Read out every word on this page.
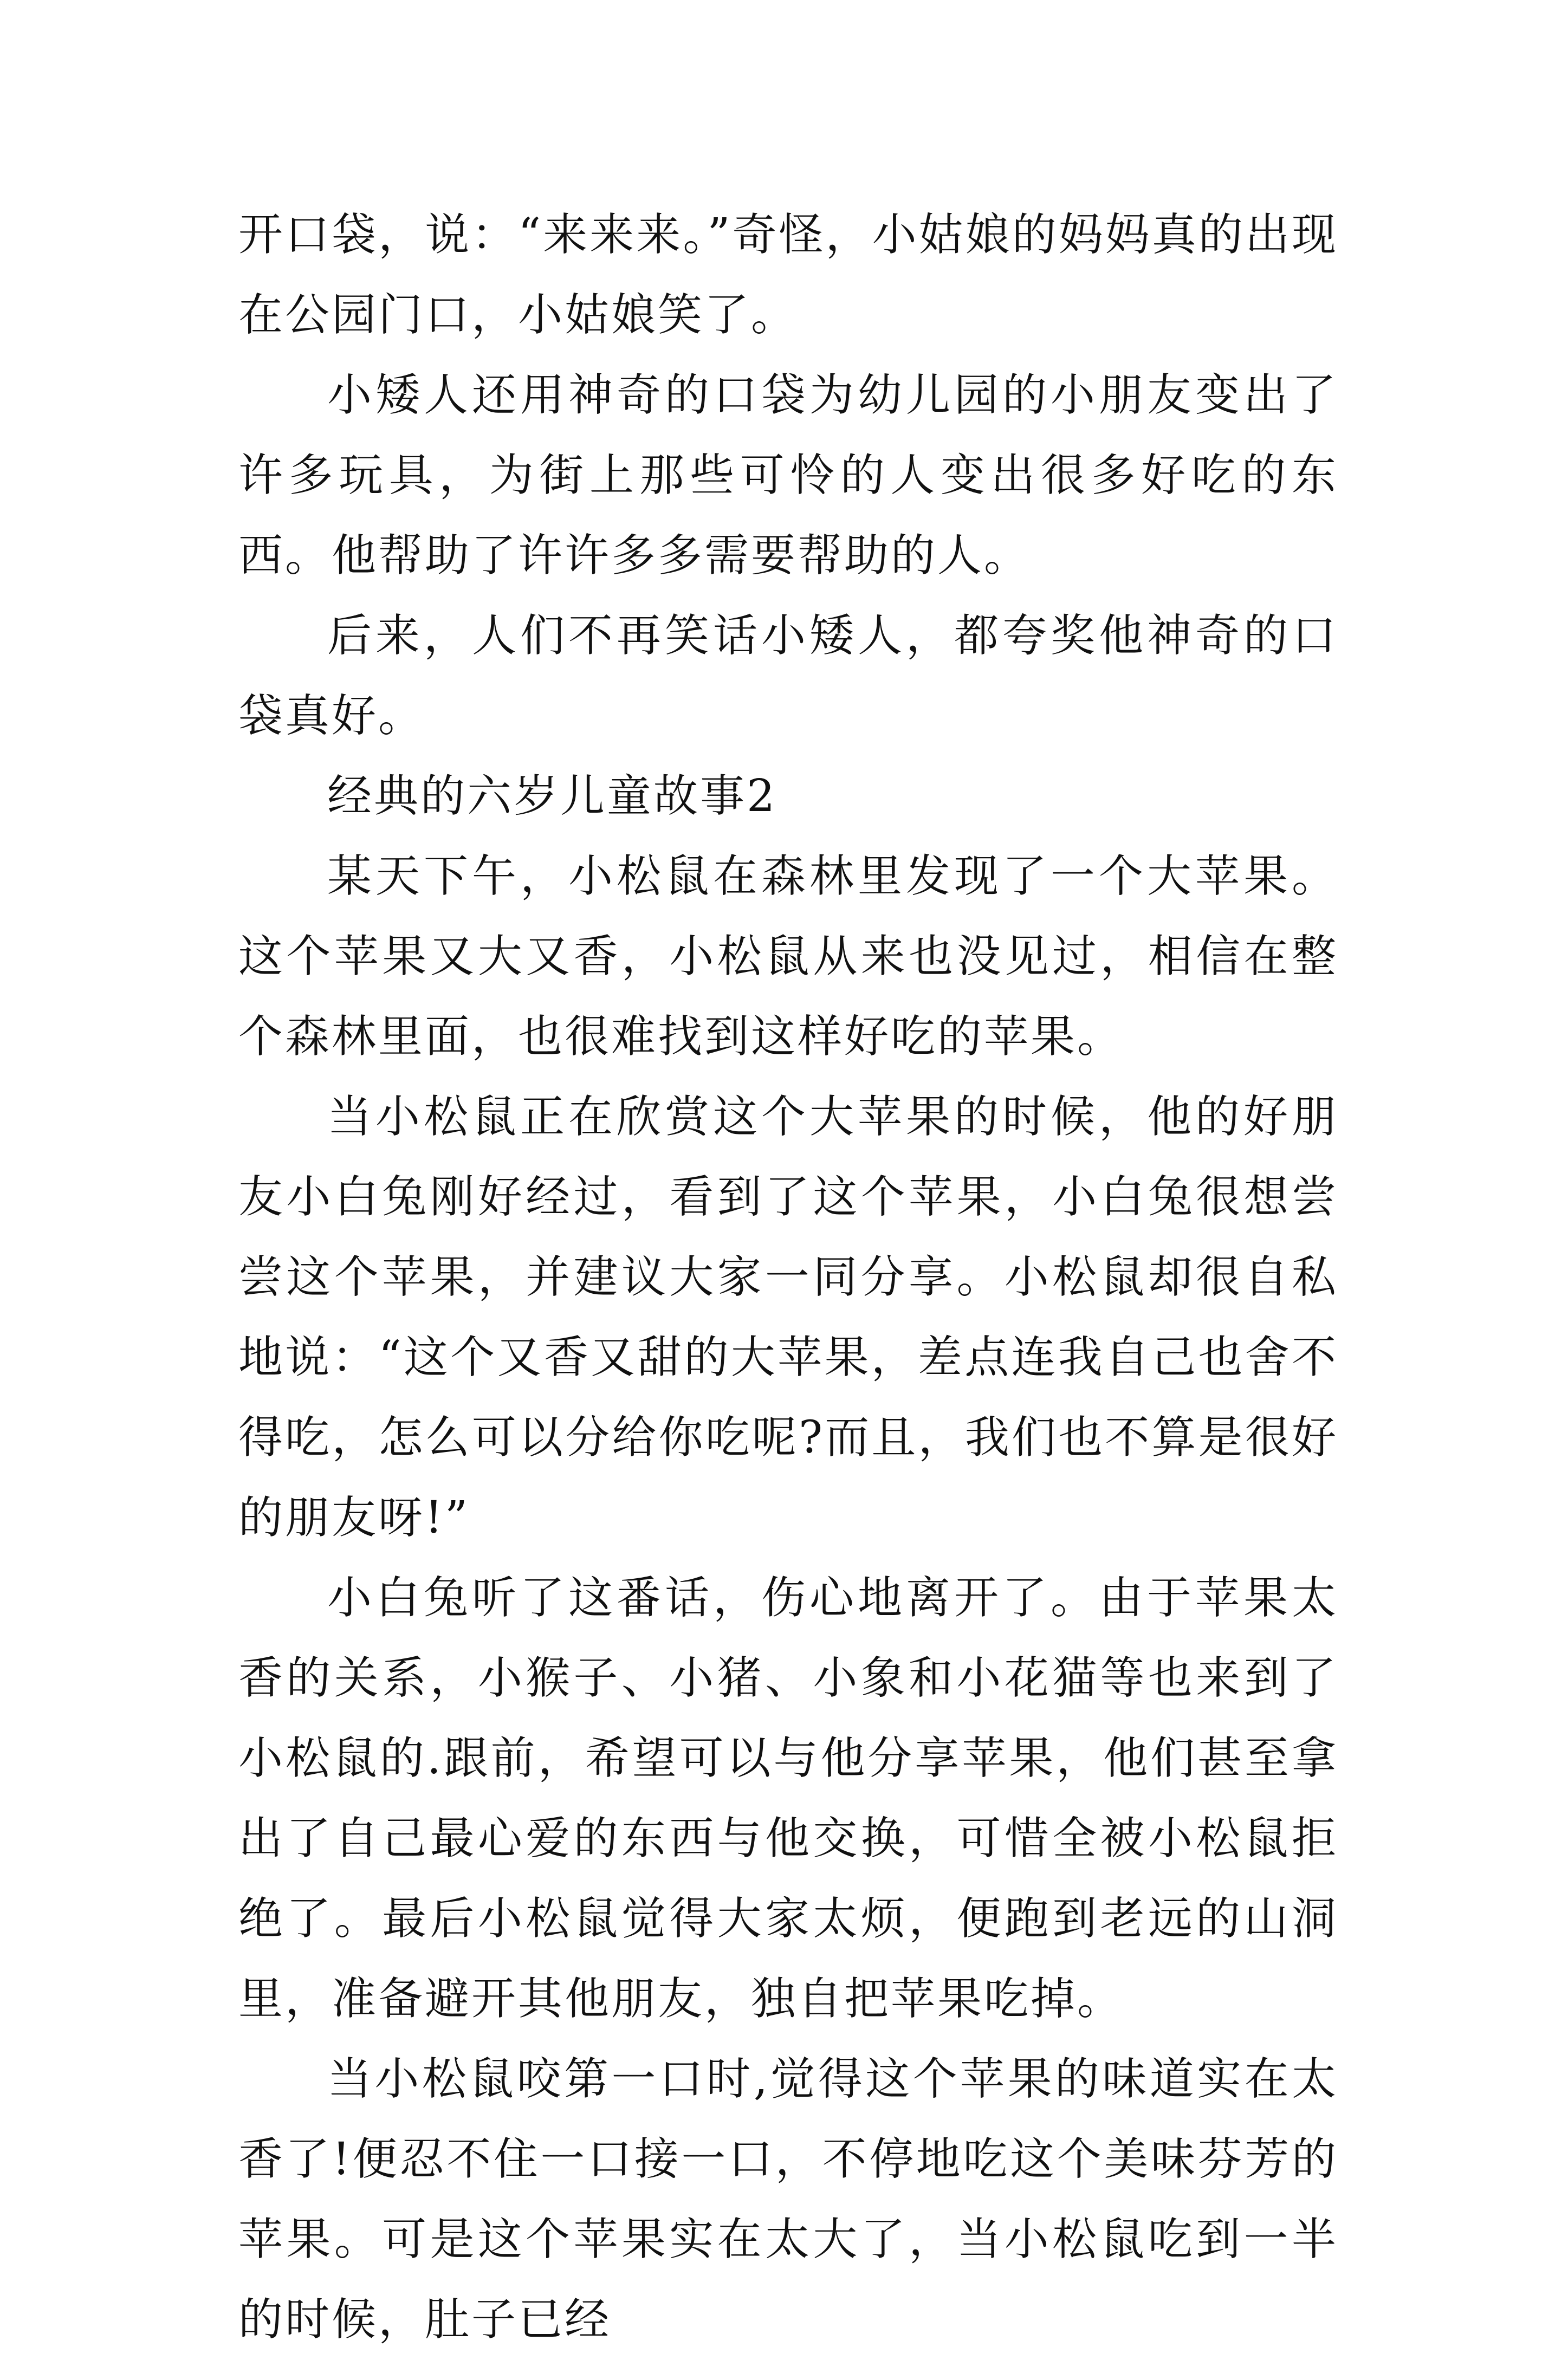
开口袋，说：“来来来。”奇怪，小姑娘的妈妈真的出现在公园门口，小姑娘笑了。

小矮人还用神奇的口袋为幼儿园的小朋友变出了许多玩具，为街上那些可怜的人变出很多好吃的东西。他帮助了许许多多需要帮助的人。

后来，人们不再笑话小矮人，都夸奖他神奇的口袋真好。

经典的六岁儿童故事2

某天下午，小松鼠在森林里发现了一个大苹果。这个苹果又大又香，小松鼠从来也没见过，相信在整个森林里面，也很难找到这样好吃的苹果。

当小松鼠正在欣赏这个大苹果的时候，他的好朋友小白兔刚好经过，看到了这个苹果，小白兔很想尝尝这个苹果，并建议大家一同分享。小松鼠却很自私地说：“这个又香又甜的大苹果，差点连我自己也舍不得吃，怎么可以分给你吃呢?而且，我们也不算是很好的朋友呀!”

小白兔听了这番话，伤心地离开了。由于苹果太香的关系，小猴子、小猪、小象和小花猫等也来到了小松鼠的.跟前，希望可以与他分享苹果，他们甚至拿出了自己最心爱的东西与他交换，可惜全被小松鼠拒绝了。最后小松鼠觉得大家太烦，便跑到老远的山洞里，准备避开其他朋友，独自把苹果吃掉。

当小松鼠咬第一口时,觉得这个苹果的味道实在太香了!便忍不住一口接一口，不停地吃这个美味芬芳的苹果。可是这个苹果实在太大了，当小松鼠吃到一半的时候，肚子已经
